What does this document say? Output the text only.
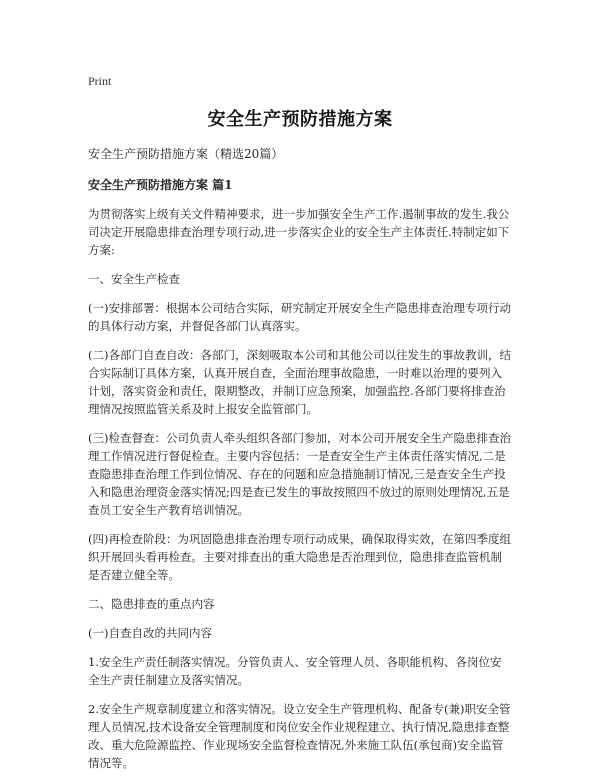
Print
安全生产预防措施方案

安全生产预防措施方案（精选20篇）

安全生产预防措施方案 篇1

为贯彻落实上级有关文件精神要求，进一步加强安全生产工作.遏制事故的发生.我公司决定开展隐患排查治理专项行动,进一步落实企业的安全生产主体责任.特制定如下方案:

一、安全生产检查

(一)安排部署：根据本公司结合实际，研究制定开展安全生产隐患排查治理专项行动的具体行动方案，并督促各部门认真落实。

(二)各部门自查自改：各部门，深刻吸取本公司和其他公司以往发生的事故教训，结合实际制订具体方案，认真开展自查，全面治理事故隐患，一时难以治理的要列入计划，落实资金和责任，限期整改，并制订应急预案，加强监控.各部门要将排查治理情况按照监管关系及时上报安全监管部门。

(三)检查督查：公司负责人牵头组织各部门参加，对本公司开展安全生产隐患排查治理工作情况进行督促检查。主要内容包括：一是查安全生产主体责任落实情况,二是查隐患排查治理工作到位情况、存在的问题和应急措施制订情况,三是查安全生产投入和隐患治理资金落实情况;四是查已发生的事故按照四不放过的原则处理情况,五是查员工安全生产教育培训情况。

(四)再检查阶段：为巩固隐患排查治理专项行动成果，确保取得实效，在第四季度组织开展回头看再检查。主要对排查出的重大隐患是否治理到位，隐患排查监管机制是否建立健全等。

二、隐患排查的重点内容

(一)自查自改的共同内容

1.安全生产责任制落实情况。分管负责人、安全管理人员、各职能机构、各岗位安全生产责任制建立及落实情况。

2.安全生产规章制度建立和落实情况。设立安全生产管理机构、配备专(兼)职安全管理人员情况,技术设备安全管理制度和岗位安全作业规程建立、执行情况,隐患排查整改、重大危险源监控、作业现场安全监督检查情况,外来施工队伍(承包商)安全监管情况等。
